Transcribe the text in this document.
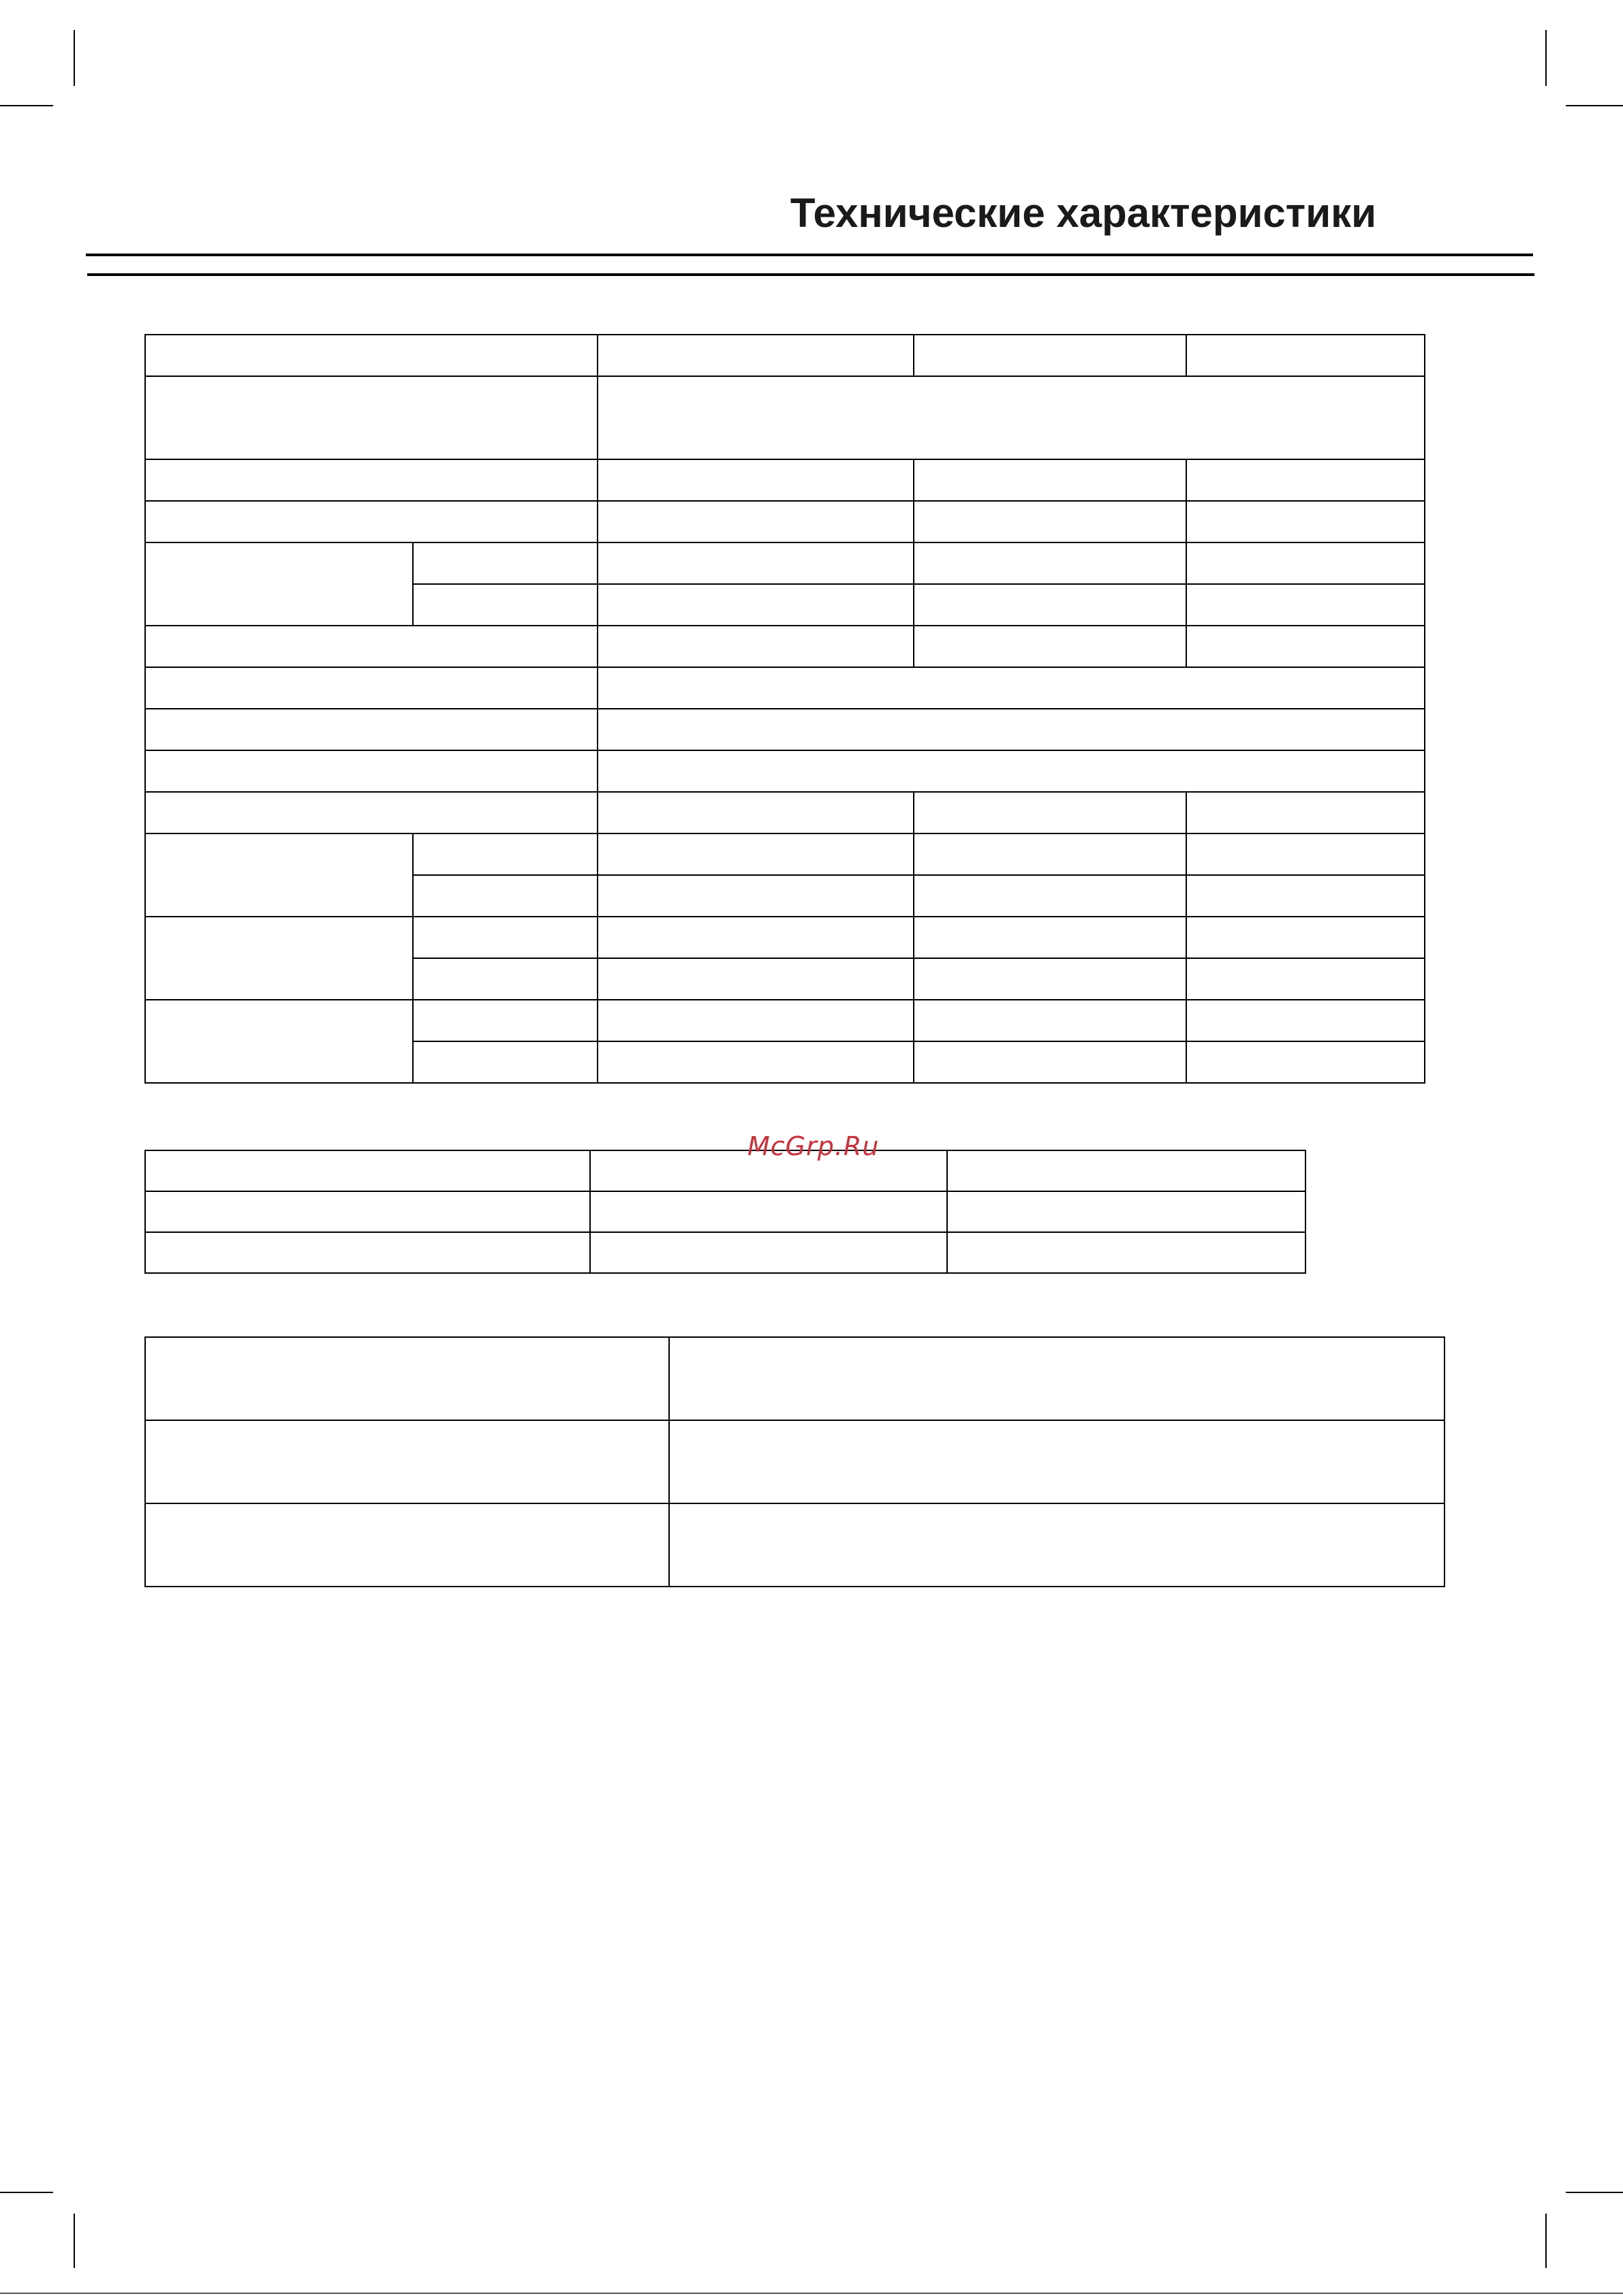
Технические характеристики

McGrp.Ru
